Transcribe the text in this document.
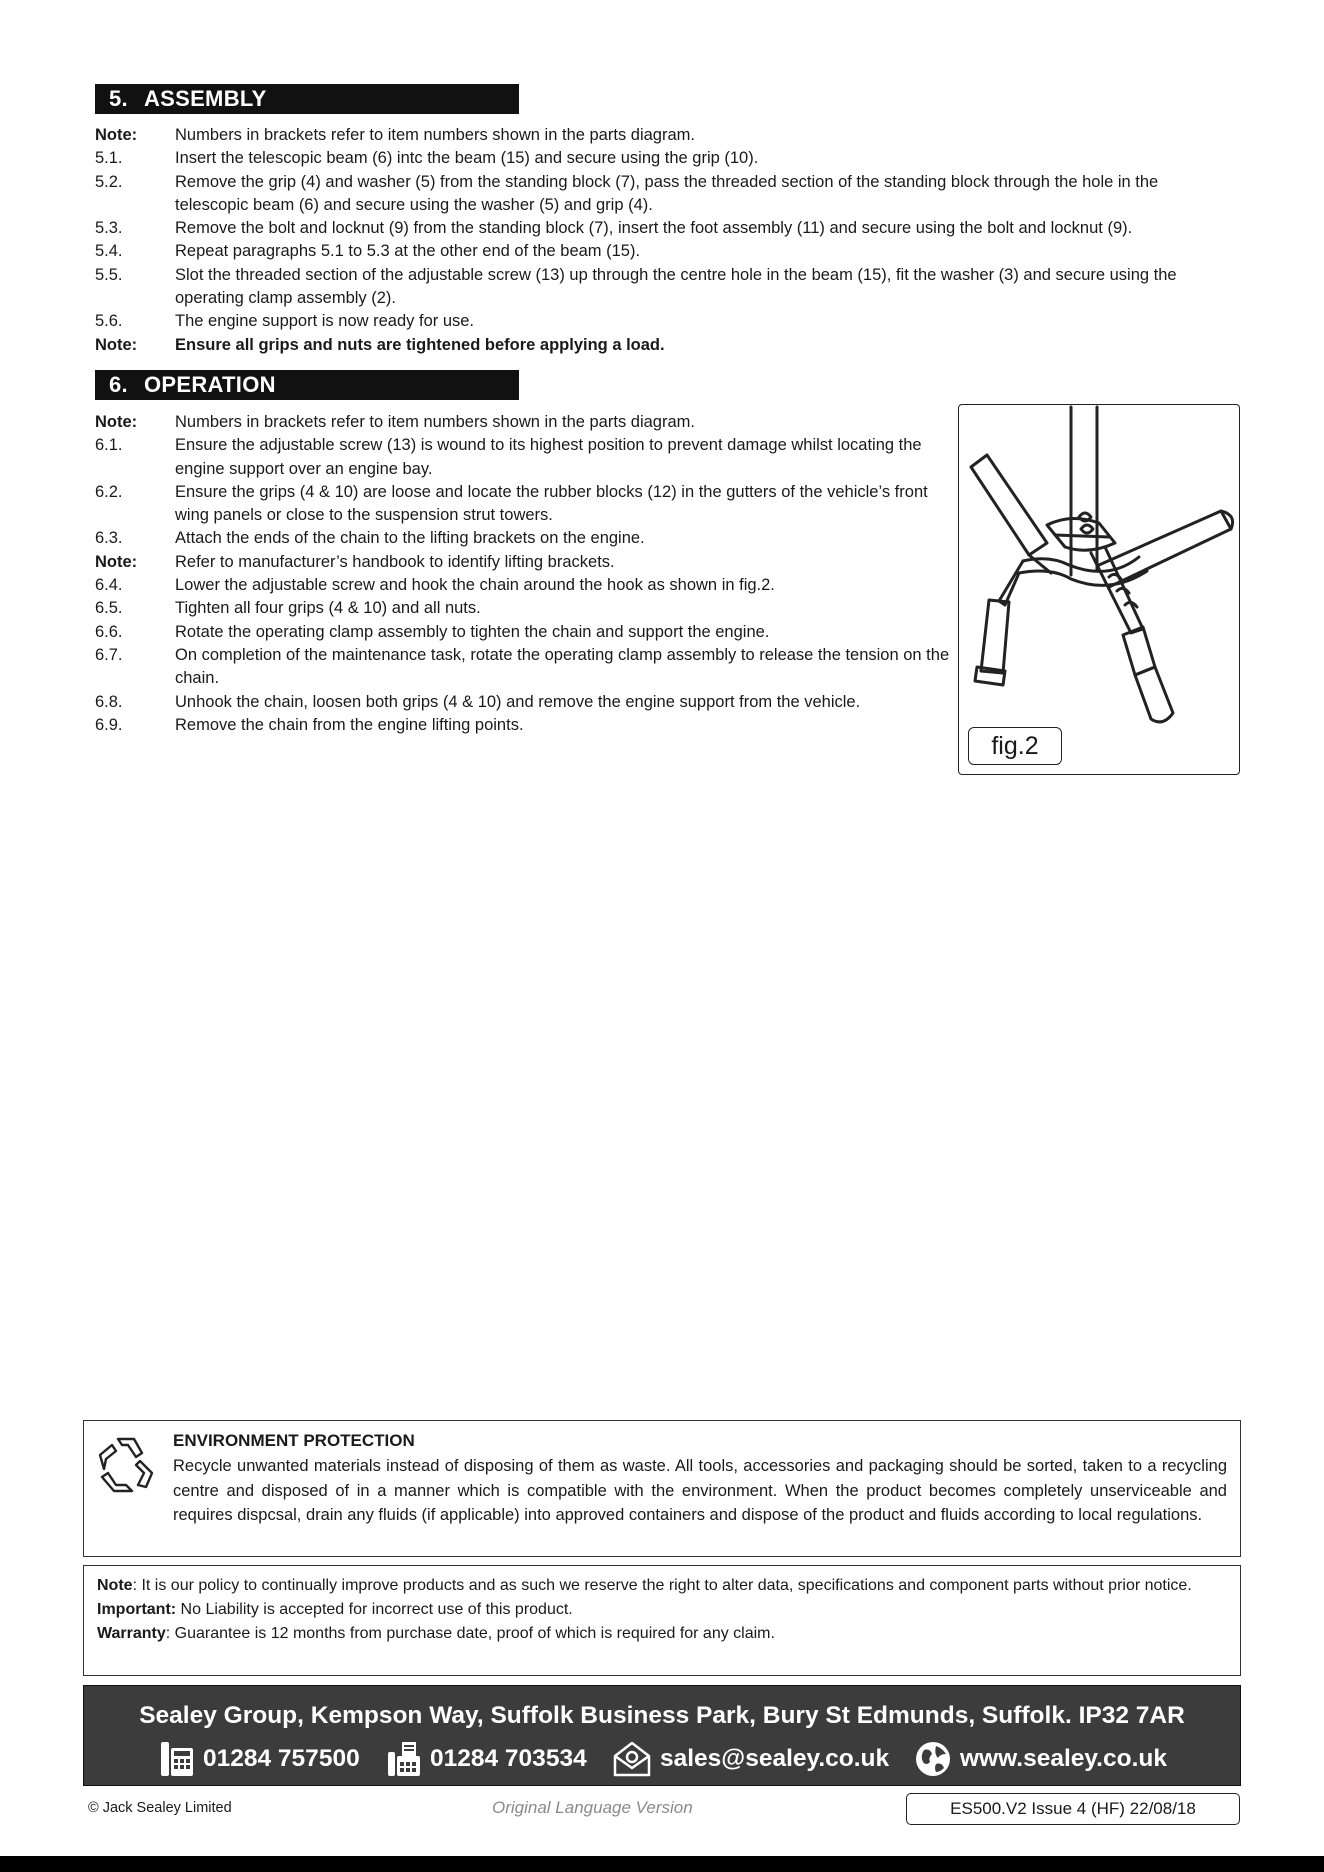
5. ASSEMBLY
Note: Numbers in brackets refer to item numbers shown in the parts diagram.
5.1.	Insert the telescopic beam (6) intc the beam (15) and secure using the grip (10).
5.2.	Remove the grip (4) and washer (5) from the standing block (7), pass the threaded section of the standing block through the hole in the telescopic beam (6) and secure using the washer (5) and grip (4).
5.3.	Remove the bolt and locknut (9) from the standing block (7), insert the foot assembly (11) and secure using the bolt and locknut (9).
5.4.	Repeat paragraphs 5.1 to 5.3 at the other end of the beam (15).
5.5.	Slot the threaded section of the adjustable screw (13) up through the centre hole in the beam (15), fit the washer (3) and secure using the operating clamp assembly (2).
5.6.	The engine support is now ready for use.
Note: Ensure all grips and nuts are tightened before applying a load.
6. OPERATION
Note: Numbers in brackets refer to item numbers shown in the parts diagram.
6.1.	Ensure the adjustable screw (13) is wound to its highest position to prevent damage whilst locating the engine support over an engine bay.
6.2.	Ensure the grips (4 & 10) are loose and locate the rubber blocks (12) in the gutters of the vehicle’s front wing panels or close to the suspension strut towers.
6.3.	Attach the ends of the chain to the lifting brackets on the engine.
Note: Refer to manufacturer’s handbook to identify lifting brackets.
6.4.	Lower the adjustable screw and hook the chain around the hook as shown in fig.2.
6.5.	Tighten all four grips (4 & 10) and all nuts.
6.6.	Rotate the operating clamp assembly to tighten the chain and support the engine.
6.7.	On completion of the maintenance task, rotate the operating clamp assembly to release the tension on the chain.
6.8.	Unhook the chain, loosen both grips (4 & 10) and remove the engine support from the vehicle.
6.9.	Remove the chain from the engine lifting points.
fig.2
ENVIRONMENT PROTECTION
Recycle unwanted materials instead of disposing of them as waste. All tools, accessories and packaging should be sorted, taken to a recycling centre and disposed of in a manner which is compatible with the environment. When the product becomes completely unserviceable and requires dispcsal, drain any fluids (if applicable) into approved containers and dispose of the product and fluids according to local regulations.

Note: It is our policy to continually improve products and as such we reserve the right to alter data, specifications and component parts without prior notice.

Important: No Liability is accepted for incorrect use of this product.

Warranty: Guarantee is 12 months from purchase date, proof of which is required for any claim.

Sealey Group, Kempson Way, Suffolk Business Park, Bury St Edmunds, Suffolk. IP32 7AR
01284 757500	01284 703534	sales@sealey.co.uk	www.sealey.co.uk
© Jack Sealey Limited	Original Language Version	ES500.V2 Issue 4 (HF) 22/08/18
